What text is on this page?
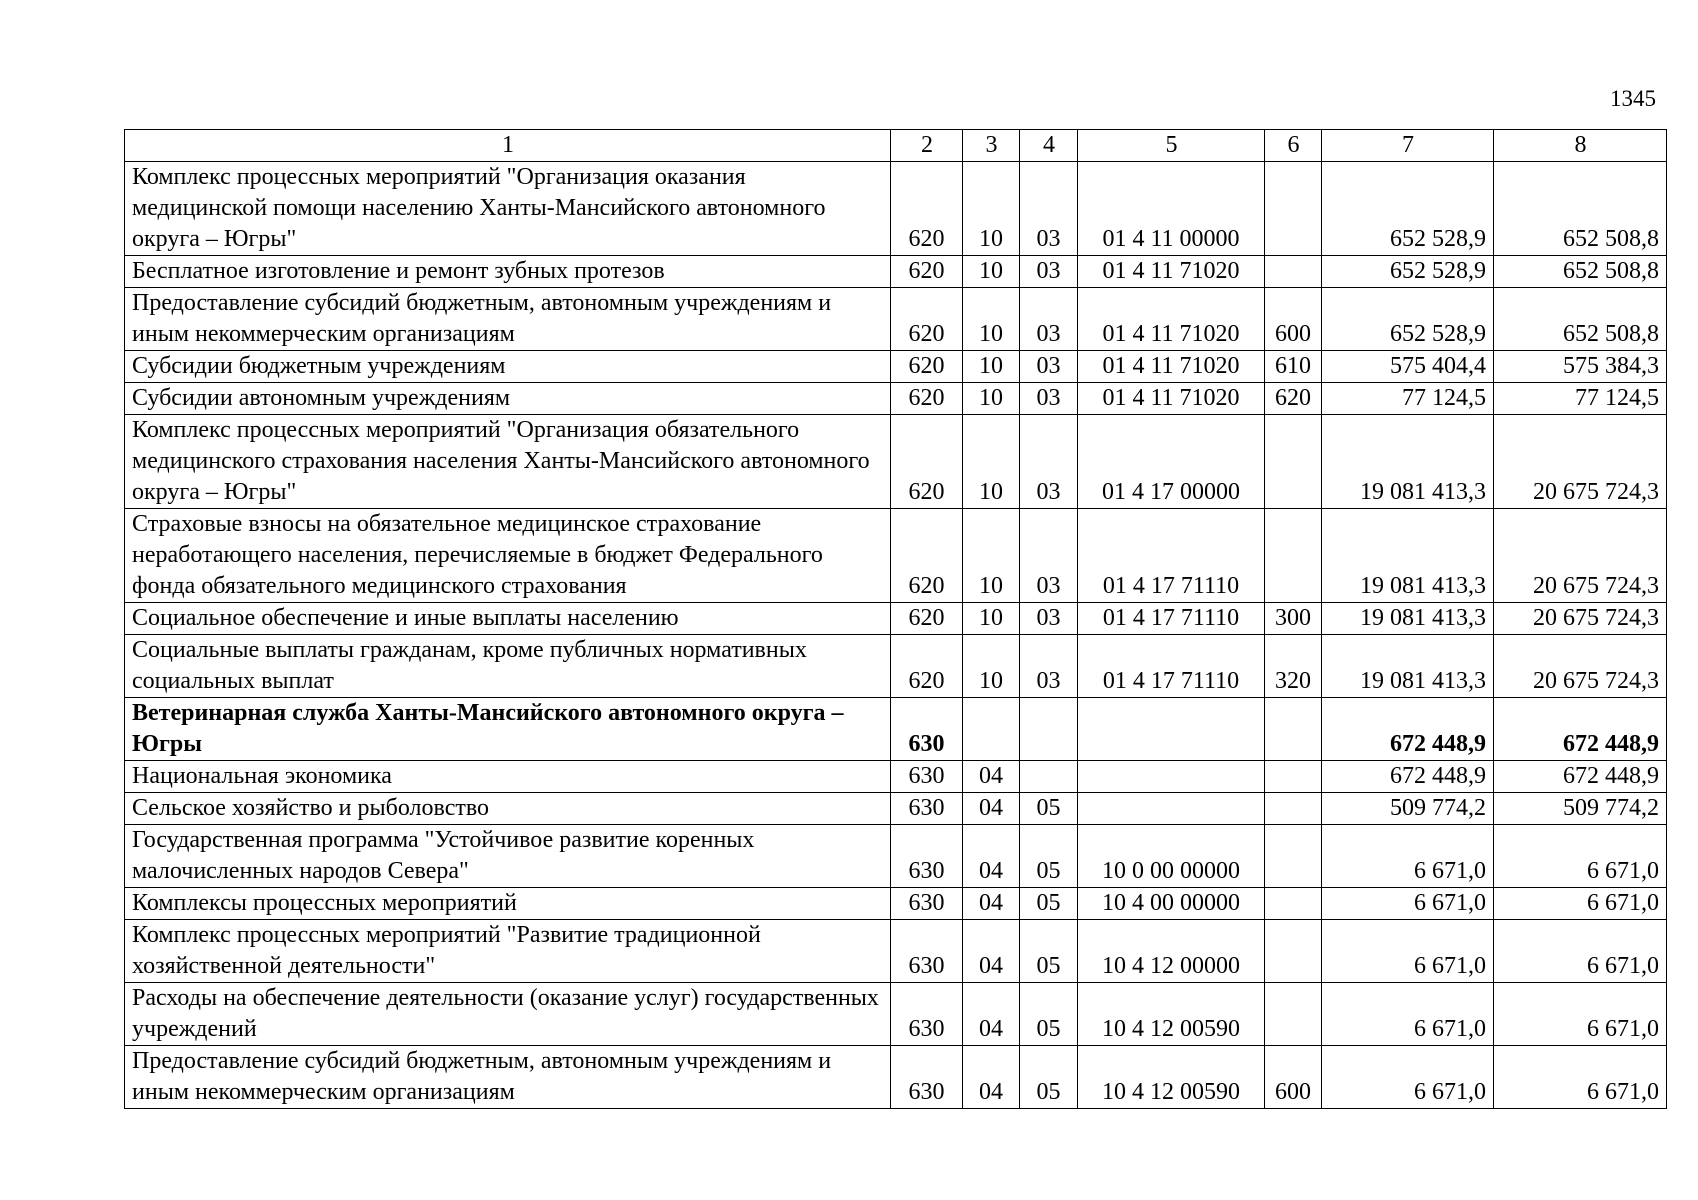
1345
1	2	3	4	5	6	7	8
Комплекс процессных мероприятий "Организация оказания медицинской помощи населению Ханты-Мансийского автономного округа – Югры"	620	10	03	01 4 11 00000		652 528,9	652 508,8
Бесплатное изготовление и ремонт зубных протезов	620	10	03	01 4 11 71020		652 528,9	652 508,8
Предоставление субсидий бюджетным, автономным учреждениям и иным некоммерческим организациям	620	10	03	01 4 11 71020	600	652 528,9	652 508,8
Субсидии бюджетным учреждениям	620	10	03	01 4 11 71020	610	575 404,4	575 384,3
Субсидии автономным учреждениям	620	10	03	01 4 11 71020	620	77 124,5	77 124,5
Комплекс процессных мероприятий "Организация обязательного медицинского страхования населения Ханты-Мансийского автономного округа – Югры"	620	10	03	01 4 17 00000		19 081 413,3	20 675 724,3
Страховые взносы на обязательное медицинское страхование неработающего населения, перечисляемые в бюджет Федерального фонда обязательного медицинского страхования	620	10	03	01 4 17 71110		19 081 413,3	20 675 724,3
Социальное обеспечение и иные выплаты населению	620	10	03	01 4 17 71110	300	19 081 413,3	20 675 724,3
Социальные выплаты гражданам, кроме публичных нормативных социальных выплат	620	10	03	01 4 17 71110	320	19 081 413,3	20 675 724,3
Ветеринарная служба Ханты-Мансийского автономного округа – Югры	630					672 448,9	672 448,9
Национальная экономика	630	04				672 448,9	672 448,9
Сельское хозяйство и рыболовство	630	04	05			509 774,2	509 774,2
Государственная программа "Устойчивое развитие коренных малочисленных народов Севера"	630	04	05	10 0 00 00000		6 671,0	6 671,0
Комплексы процессных мероприятий	630	04	05	10 4 00 00000		6 671,0	6 671,0
Комплекс процессных мероприятий "Развитие традиционной хозяйственной деятельности"	630	04	05	10 4 12 00000		6 671,0	6 671,0
Расходы на обеспечение деятельности (оказание услуг) государственных учреждений	630	04	05	10 4 12 00590		6 671,0	6 671,0
Предоставление субсидий бюджетным, автономным учреждениям и иным некоммерческим организациям	630	04	05	10 4 12 00590	600	6 671,0	6 671,0
